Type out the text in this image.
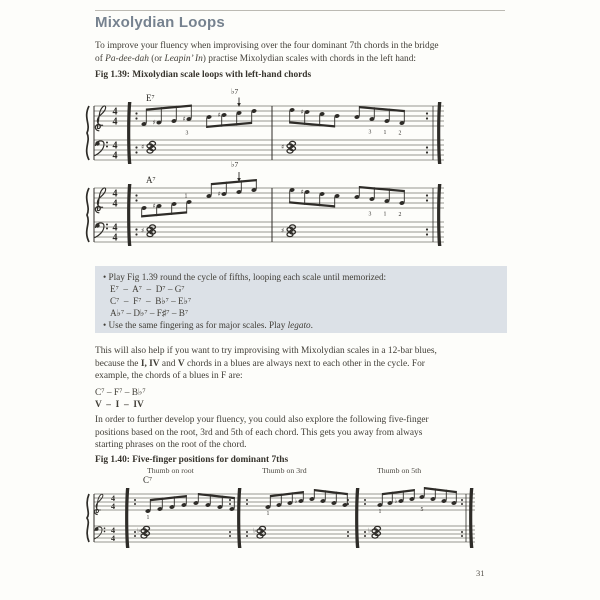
Mixolydian Loops
To improve your fluency when improvising over the four dominant 7th chords in the bridge
of Pa-dee-dah (or Leapin’ In) practise Mixolydian scales with chords in the left hand:
Fig 1.39: Mixolydian scale loops with left-hand chords
E⁷
♭7
4
4
4
4
♯	♯	♯	♯
♯	♯
3	3 1 2
A⁷
♭7
4
4
4
4
♯
♯	♯
♯	♯
1
3 1 2
• Play Fig 1.39 round the cycle of fifths, looping each scale until memorized:
E⁷  –  A⁷  –  D⁷ – G⁷
C⁷  –  F⁷  –  B♭⁷ – E♭⁷
A♭⁷ – D♭⁷ – F♯⁷ – B⁷
• Use the same fingering as for major scales. Play legato.
This will also help if you want to try improvising with Mixolydian scales in a 12-bar blues,
because the I, IV and V chords in a blues are always next to each other in the cycle. For
example, the chords of a blues in F are:
C⁷ – F⁷ – B♭⁷
V  –  I  –  IV
In order to further develop your fluency, you could also explore the following five-finger
positions based on the root, 3rd and 5th of each chord. This gets you away from always
starting phrases on the root of the chord.
Fig 1.40: Five-finger positions for dominant 7ths
Thumb on root	Thumb on 3rd	Thumb on 5th
C⁷
4
4
4
4
♭	♭
♭	♭	♭
1
1	1	5
31
